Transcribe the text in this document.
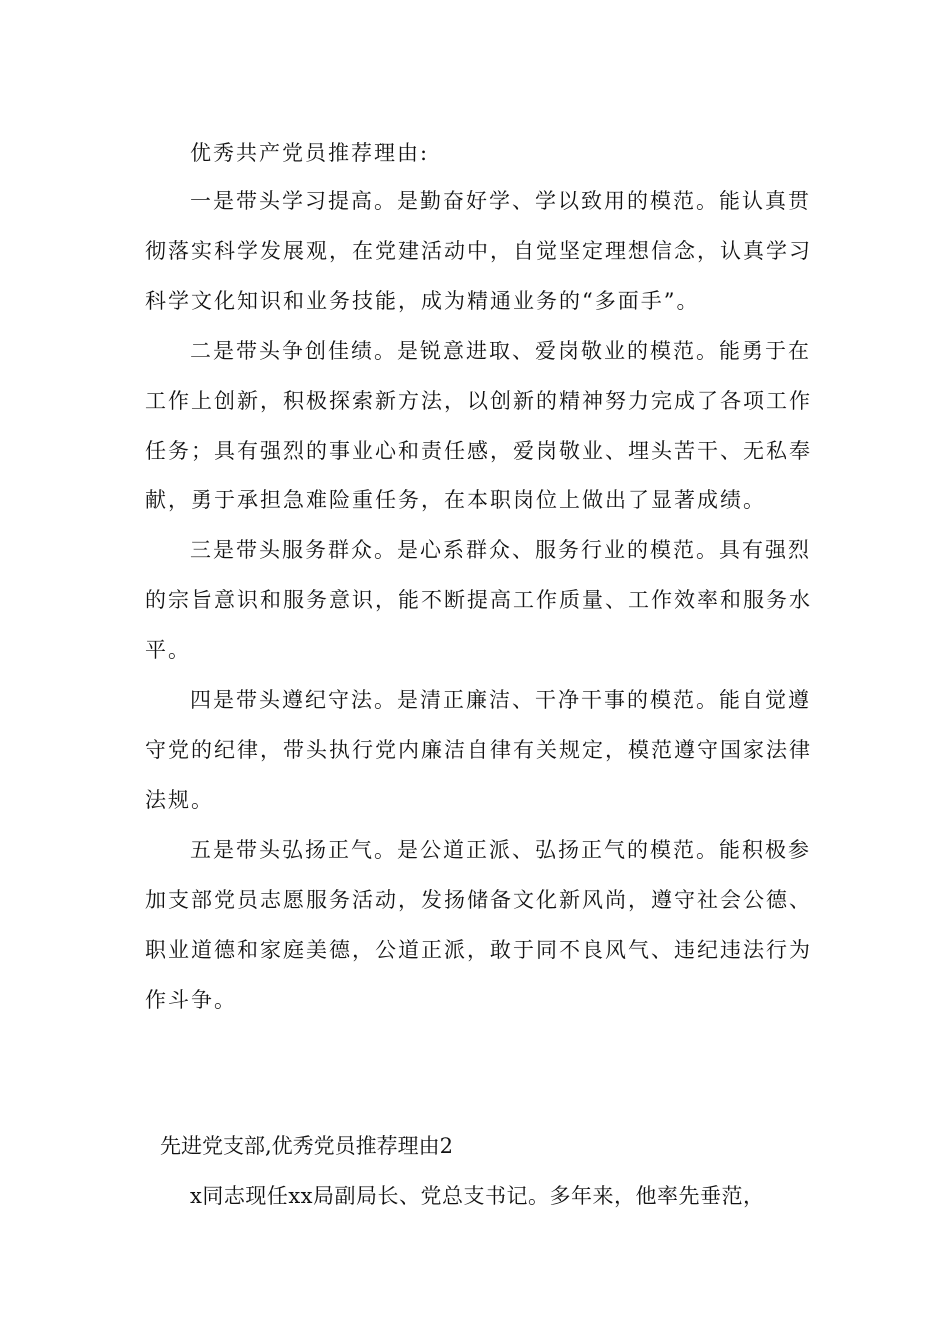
优秀共产党员推荐理由:
一是带头学习提高。是勤奋好学、学以致用的模范。能认真贯
彻落实科学发展观，在党建活动中，自觉坚定理想信念，认真学习
科学文化知识和业务技能，成为精通业务的“多面手”。
二是带头争创佳绩。是锐意进取、爱岗敬业的模范。能勇于在
工作上创新，积极探索新方法，以创新的精神努力完成了各项工作
任务；具有强烈的事业心和责任感，爱岗敬业、埋头苦干、无私奉
献，勇于承担急难险重任务，在本职岗位上做出了显著成绩。
三是带头服务群众。是心系群众、服务行业的模范。具有强烈
的宗旨意识和服务意识，能不断提高工作质量、工作效率和服务水
平。
四是带头遵纪守法。是清正廉洁、干净干事的模范。能自觉遵
守党的纪律，带头执行党内廉洁自律有关规定，模范遵守国家法律
法规。
五是带头弘扬正气。是公道正派、弘扬正气的模范。能积极参
加支部党员志愿服务活动，发扬储备文化新风尚，遵守社会公德、
职业道德和家庭美德，公道正派，敢于同不良风气、违纪违法行为
作斗争。
先进党支部,优秀党员推荐理由2
x同志现任xx局副局长、党总支书记。多年来，他率先垂范，
